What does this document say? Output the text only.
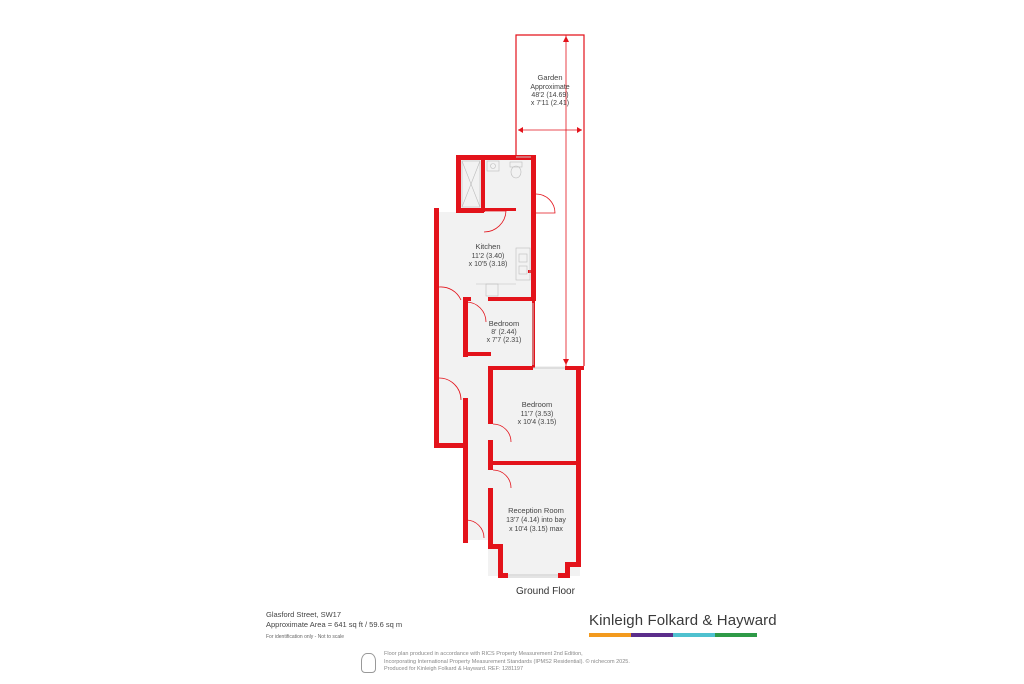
Garden
Approximate
48'2 (14.69)
x 7'11 (2.41)
Kitchen
11'2 (3.40)
x 10'5 (3.18)
Bedroom
8' (2.44)
x 7'7 (2.31)
Bedroom
11'7 (3.53)
x 10'4 (3.15)
Reception Room
13'7 (4.14) into bay
x 10'4 (3.15) max
Ground Floor
Glasford Street, SW17
Approximate Area = 641 sq ft / 59.6 sq m
For identification only - Not to scale
Kinleigh Folkard & Hayward
Floor plan produced in accordance with RICS Property Measurement 2nd Edition,
Incorporating International Property Measurement Standards (IPMS2 Residential). © nichecom 2025.
Produced for Kinleigh Folkard & Hayward. REF: 1281197
